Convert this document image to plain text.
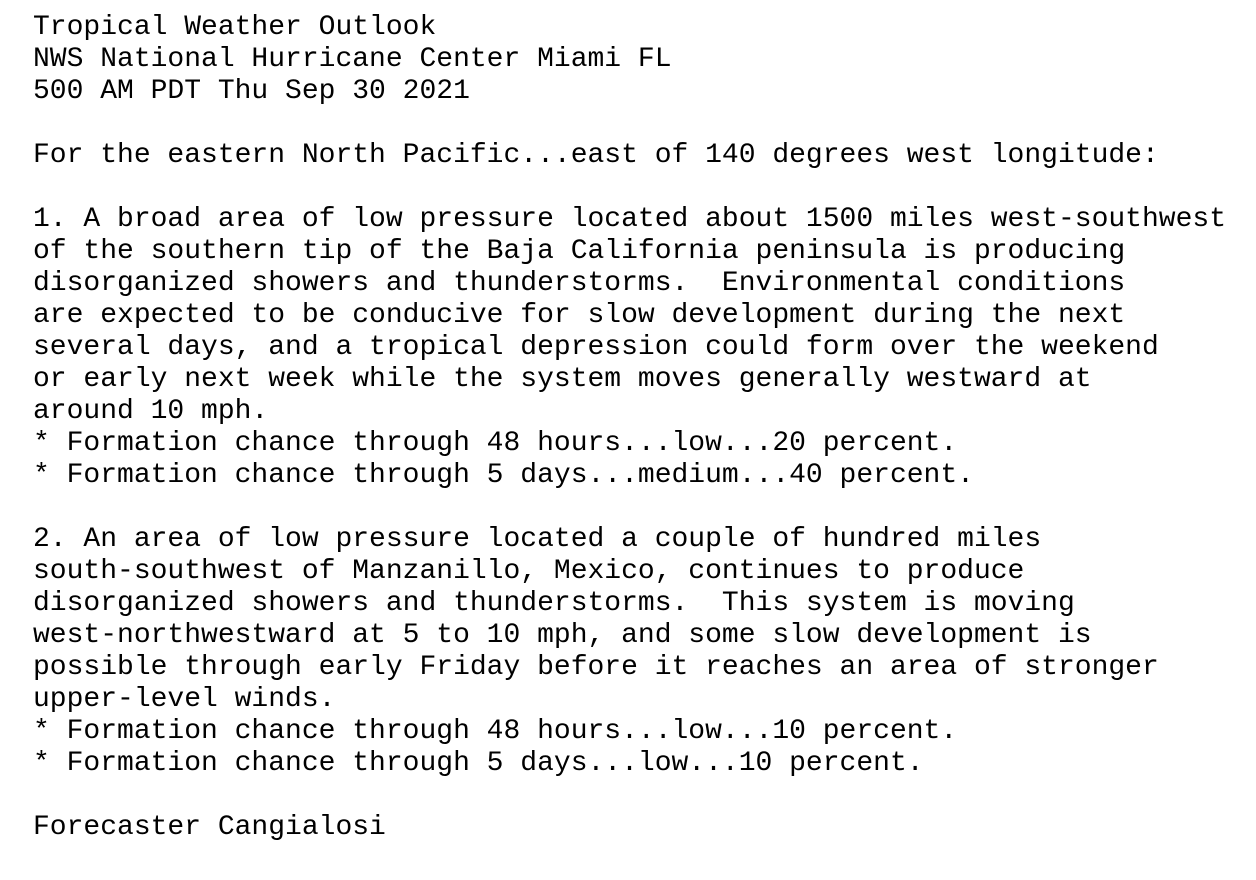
Tropical Weather Outlook
NWS National Hurricane Center Miami FL
500 AM PDT Thu Sep 30 2021
For the eastern North Pacific...east of 140 degrees west longitude:
1. A broad area of low pressure located about 1500 miles west-southwest
of the southern tip of the Baja California peninsula is producing
disorganized showers and thunderstorms.  Environmental conditions
are expected to be conducive for slow development during the next
several days, and a tropical depression could form over the weekend
or early next week while the system moves generally westward at
around 10 mph.
* Formation chance through 48 hours...low...20 percent.
* Formation chance through 5 days...medium...40 percent.
2. An area of low pressure located a couple of hundred miles
south-southwest of Manzanillo, Mexico, continues to produce
disorganized showers and thunderstorms.  This system is moving
west-northwestward at 5 to 10 mph, and some slow development is
possible through early Friday before it reaches an area of stronger
upper-level winds.
* Formation chance through 48 hours...low...10 percent.
* Formation chance through 5 days...low...10 percent.
Forecaster Cangialosi
